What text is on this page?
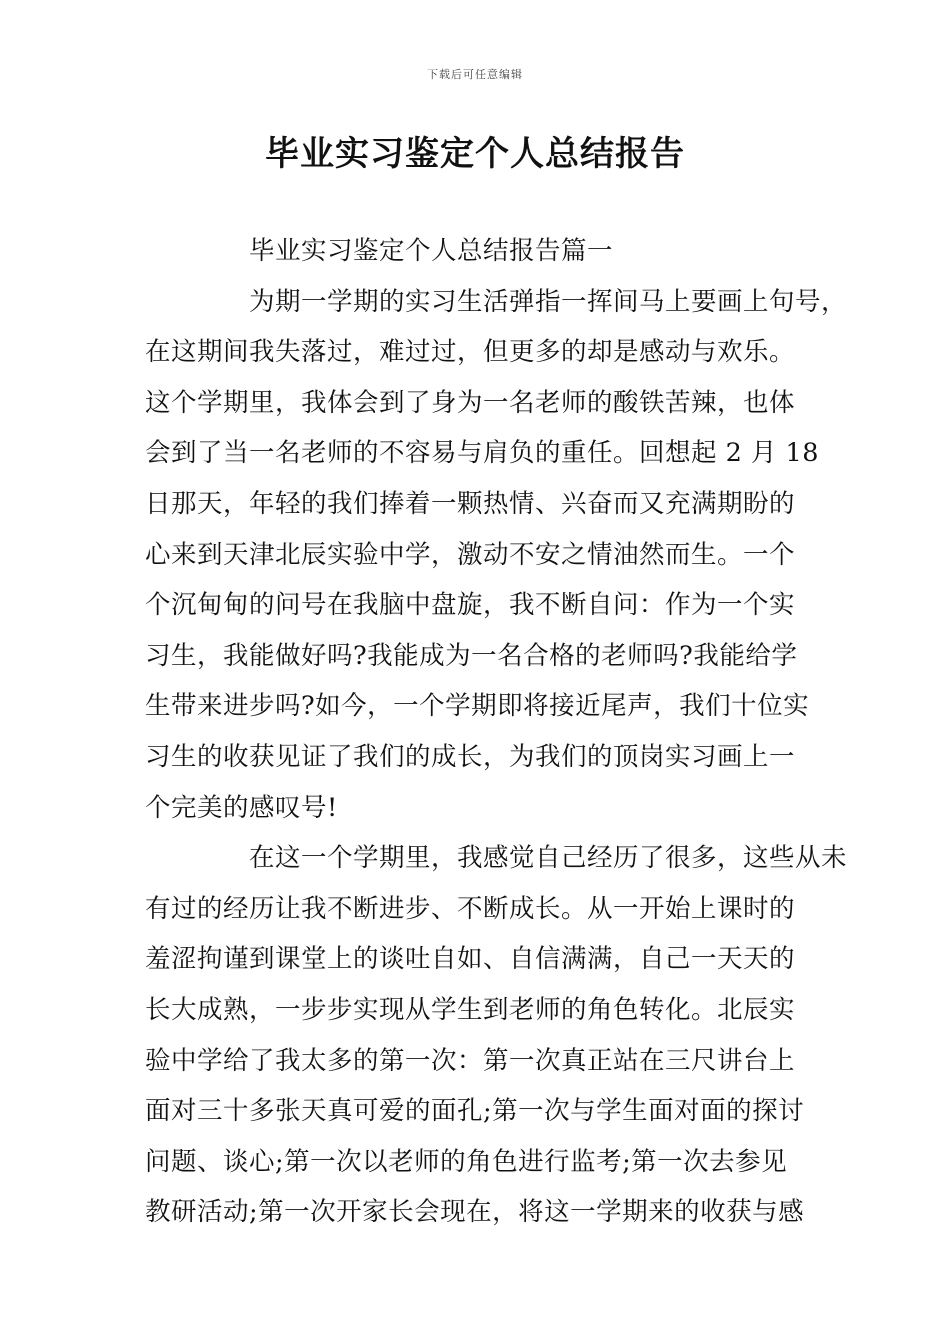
下载后可任意编辑
毕业实习鉴定个人总结报告
毕业实习鉴定个人总结报告篇一
为期一学期的实习生活弹指一挥间马上要画上句号，
在这期间我失落过，难过过，但更多的却是感动与欢乐。
这个学期里，我体会到了身为一名老师的酸铁苦辣，也体
会到了当一名老师的不容易与肩负的重任。回想起 2 月 18
日那天，年轻的我们捧着一颗热情、兴奋而又充满期盼的
心来到天津北辰实验中学，激动不安之情油然而生。一个
个沉甸甸的问号在我脑中盘旋，我不断自问：作为一个实
习生，我能做好吗?我能成为一名合格的老师吗?我能给学
生带来进步吗?如今，一个学期即将接近尾声，我们十位实
习生的收获见证了我们的成长，为我们的顶岗实习画上一
个完美的感叹号!
在这一个学期里，我感觉自己经历了很多，这些从未
有过的经历让我不断进步、不断成长。从一开始上课时的
羞涩拘谨到课堂上的谈吐自如、自信满满，自己一天天的
长大成熟，一步步实现从学生到老师的角色转化。北辰实
验中学给了我太多的第一次：第一次真正站在三尺讲台上
面对三十多张天真可爱的面孔;第一次与学生面对面的探讨
问题、谈心;第一次以老师的角色进行监考;第一次去参见
教研活动;第一次开家长会现在，将这一学期来的收获与感
